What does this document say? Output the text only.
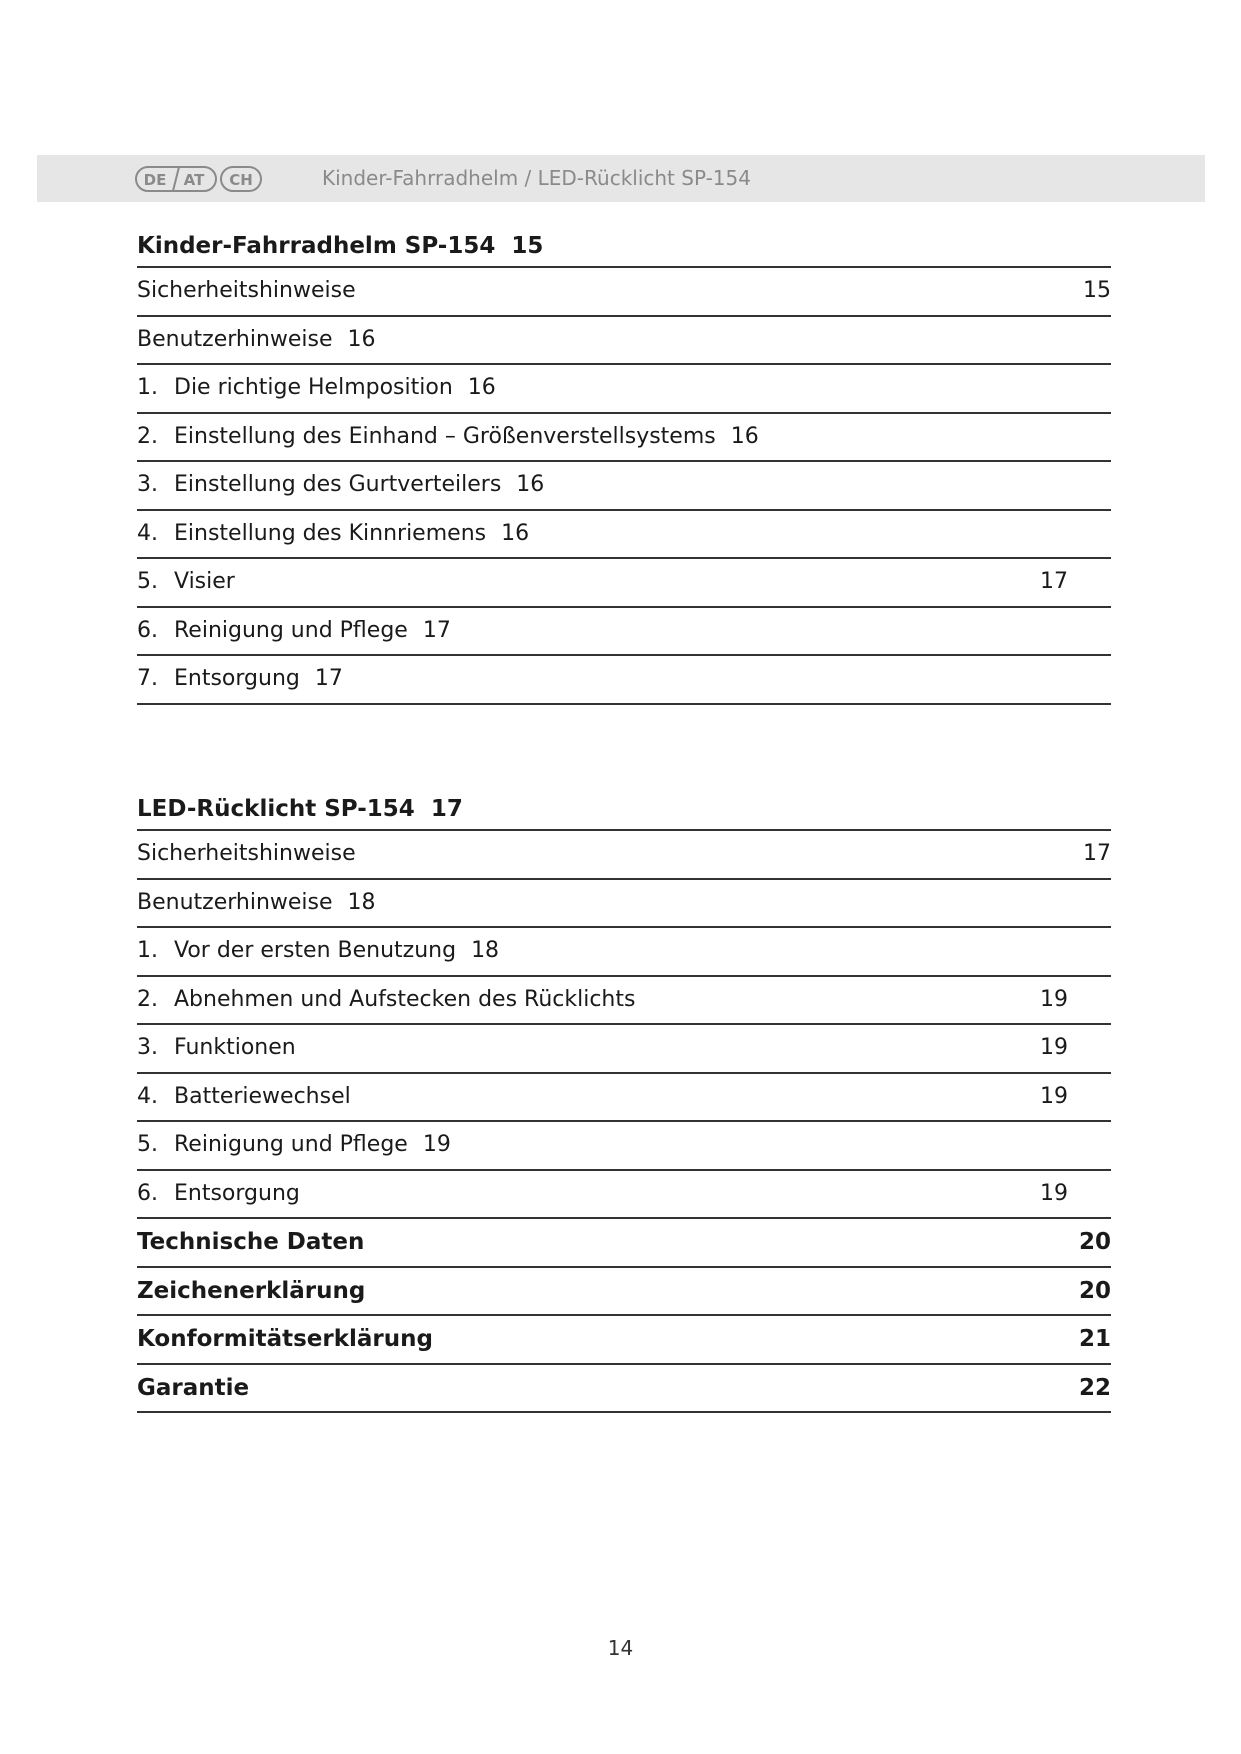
DE AT CH	Kinder-Fahrradhelm / LED-Rücklicht SP-154
Kinder-Fahrradhelm SP-154 15
Sicherheitshinweise	15
Benutzerhinweise 16
1. Die richtige Helmposition 16
2. Einstellung des Einhand – Größenverstellsystems 16
3. Einstellung des Gurtverteilers 16
4. Einstellung des Kinnriemens 16
5. Visier	17
6. Reinigung und Pflege 17
7. Entsorgung 17
LED-Rücklicht SP-154 17
Sicherheitshinweise	17
Benutzerhinweise 18
1. Vor der ersten Benutzung 18
2. Abnehmen und Aufstecken des Rücklichts	19
3. Funktionen	19
4. Batteriewechsel	19
5. Reinigung und Pflege 19
6. Entsorgung	19
Technische Daten	20
Zeichenerklärung	20
Konformitätserklärung	21
Garantie	22
14
